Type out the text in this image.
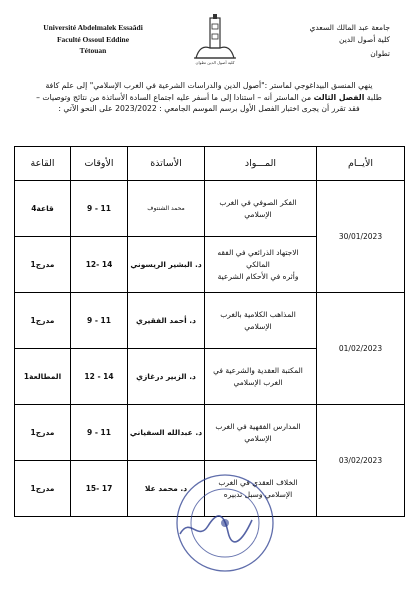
Université Abdelmalek Essaâdi
Faculté Ossoul Eddine
Tétouan
جامعة عبد المالك السعدي
كلية أصول الدين
تطوان
كلية أصول الدين تطوان

ينهي المنسق البيداغوجي لماستر :"أصول الدين والدراسات الشرعية في الغرب الإسلامي" إلى علم كافة

طلبة الفصل الثالث من الماستر أنه – استنادا إلى ما أسفر عليه اجتماع السادة الأساتذة من نتائج وتوصيات –

فقد تقرر أن يجرى اختبار الفصل الأول برسم الموسم الجامعي : 2023/2022 على النحو الآتي :

الأيــام	المـــواد	الأساتذة	الأوقات	القاعة
30/01/2023	الفكر الصوفي في الغرب الإسلامي	محمد الشنتوف	9 - 11	قاعة4
	الاجتهاد الذرائعي في الفقه المالكي
وأثره في الأحكام الشرعية	د. البشير الريسوني	12- 14	مدرج1
01/02/2023	المذاهب الكلامية بالغرب الإسلامي	د. أحمد الفقيري	9 - 11	مدرج1
	المكتبة العقدية والشرعية في
الغرب الإسلامي	د. الزبير درغازي	12 - 14	المطالعة1
03/02/2023	المدارس الفقهية في الغرب الإسلامي	د. عبدالله السفياني	9 - 11	مدرج1
	الخلاف العقدي في الغرب
الإسلامي وسبل تدبيره	د. محمد علا	15- 17	مدرج1
